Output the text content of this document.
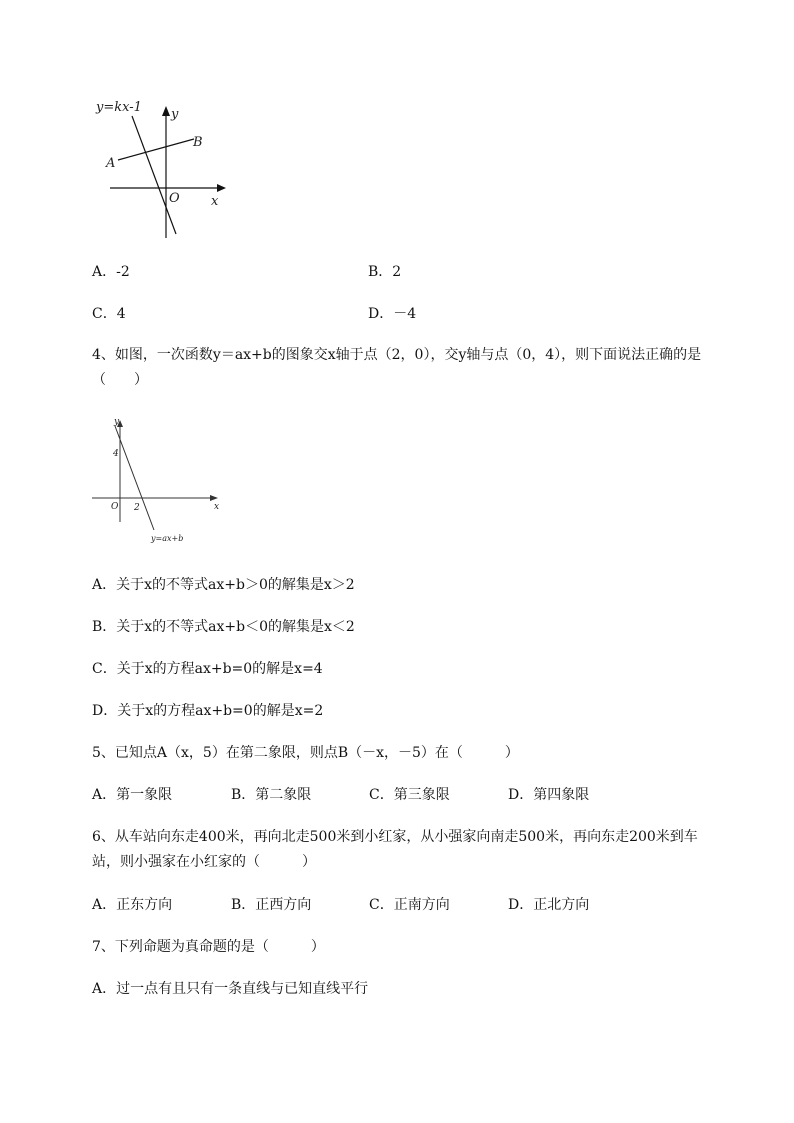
y=kx-1 y
x
O
A
B
A．-2	B．2
C．4	D．－4
4、如图，一次函数y＝ax+b的图象交x轴于点（2，0），交y轴与点（0，4），则下面说法正确的是
（　　）
y
x
O
4
2
y=ax+b
A．关于x的不等式ax+b＞0的解集是x＞2
B．关于x的不等式ax+b＜0的解集是x＜2
C．关于x的方程ax+b=0的解是x=4
D．关于x的方程ax+b=0的解是x=2
5、已知点A（x，5）在第二象限，则点B（－x，－5）在（　　　）
A．第一象限	B．第二象限	C．第三象限	D．第四象限
6、从车站向东走400米，再向北走500米到小红家，从小强家向南走500米，再向东走200米到车
站，则小强家在小红家的（　　　）
A．正东方向	B．正西方向	C．正南方向	D．正北方向
7、下列命题为真命题的是（　　　）
A．过一点有且只有一条直线与已知直线平行
